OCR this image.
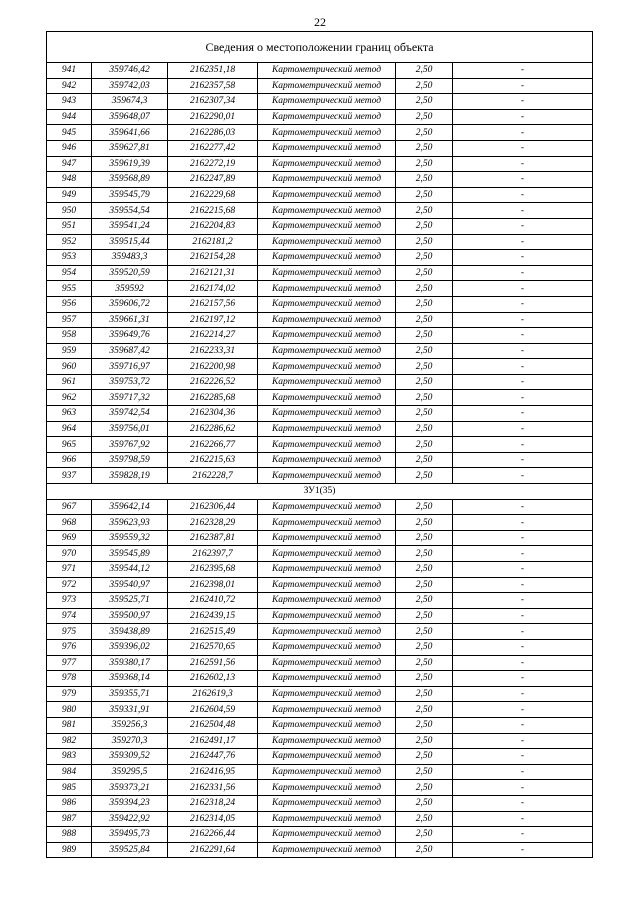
22
Сведения о местоположении границ объекта					
941	359746,42	2162351,18	Картометрический метод	2,50	-
942	359742,03	2162357,58	Картометрический метод	2,50	-
943	359674,3	2162307,34	Картометрический метод	2,50	-
944	359648,07	2162290,01	Картометрический метод	2,50	-
945	359641,66	2162286,03	Картометрический метод	2,50	-
946	359627,81	2162277,42	Картометрический метод	2,50	-
947	359619,39	2162272,19	Картометрический метод	2,50	-
948	359568,89	2162247,89	Картометрический метод	2,50	-
949	359545,79	2162229,68	Картометрический метод	2,50	-
950	359554,54	2162215,68	Картометрический метод	2,50	-
951	359541,24	2162204,83	Картометрический метод	2,50	-
952	359515,44	2162181,2	Картометрический метод	2,50	-
953	359483,3	2162154,28	Картометрический метод	2,50	-
954	359520,59	2162121,31	Картометрический метод	2,50	-
955	359592	2162174,02	Картометрический метод	2,50	-
956	359606,72	2162157,56	Картометрический метод	2,50	-
957	359661,31	2162197,12	Картометрический метод	2,50	-
958	359649,76	2162214,27	Картометрический метод	2,50	-
959	359687,42	2162233,31	Картометрический метод	2,50	-
960	359716,97	2162200,98	Картометрический метод	2,50	-
961	359753,72	2162226,52	Картометрический метод	2,50	-
962	359717,32	2162285,68	Картометрический метод	2,50	-
963	359742,54	2162304,36	Картометрический метод	2,50	-
964	359756,01	2162286,62	Картометрический метод	2,50	-
965	359767,92	2162266,77	Картометрический метод	2,50	-
966	359798,59	2162215,63	Картометрический метод	2,50	-
937	359828,19	2162228,7	Картометрический метод	2,50	-
ЗУ1(35)					
967	359642,14	2162306,44	Картометрический метод	2,50	-
968	359623,93	2162328,29	Картометрический метод	2,50	-
969	359559,32	2162387,81	Картометрический метод	2,50	-
970	359545,89	2162397,7	Картометрический метод	2,50	-
971	359544,12	2162395,68	Картометрический метод	2,50	-
972	359540,97	2162398,01	Картометрический метод	2,50	-
973	359525,71	2162410,72	Картометрический метод	2,50	-
974	359500,97	2162439,15	Картометрический метод	2,50	-
975	359438,89	2162515,49	Картометрический метод	2,50	-
976	359396,02	2162570,65	Картометрический метод	2,50	-
977	359380,17	2162591,56	Картометрический метод	2,50	-
978	359368,14	2162602,13	Картометрический метод	2,50	-
979	359355,71	2162619,3	Картометрический метод	2,50	-
980	359331,91	2162604,59	Картометрический метод	2,50	-
981	359256,3	2162504,48	Картометрический метод	2,50	-
982	359270,3	2162491,17	Картометрический метод	2,50	-
983	359309,52	2162447,76	Картометрический метод	2,50	-
984	359295,5	2162416,95	Картометрический метод	2,50	-
985	359373,21	2162331,56	Картометрический метод	2,50	-
986	359394,23	2162318,24	Картометрический метод	2,50	-
987	359422,92	2162314,05	Картометрический метод	2,50	-
988	359495,73	2162266,44	Картометрический метод	2,50	-
989	359525,84	2162291,64	Картометрический метод	2,50	-
